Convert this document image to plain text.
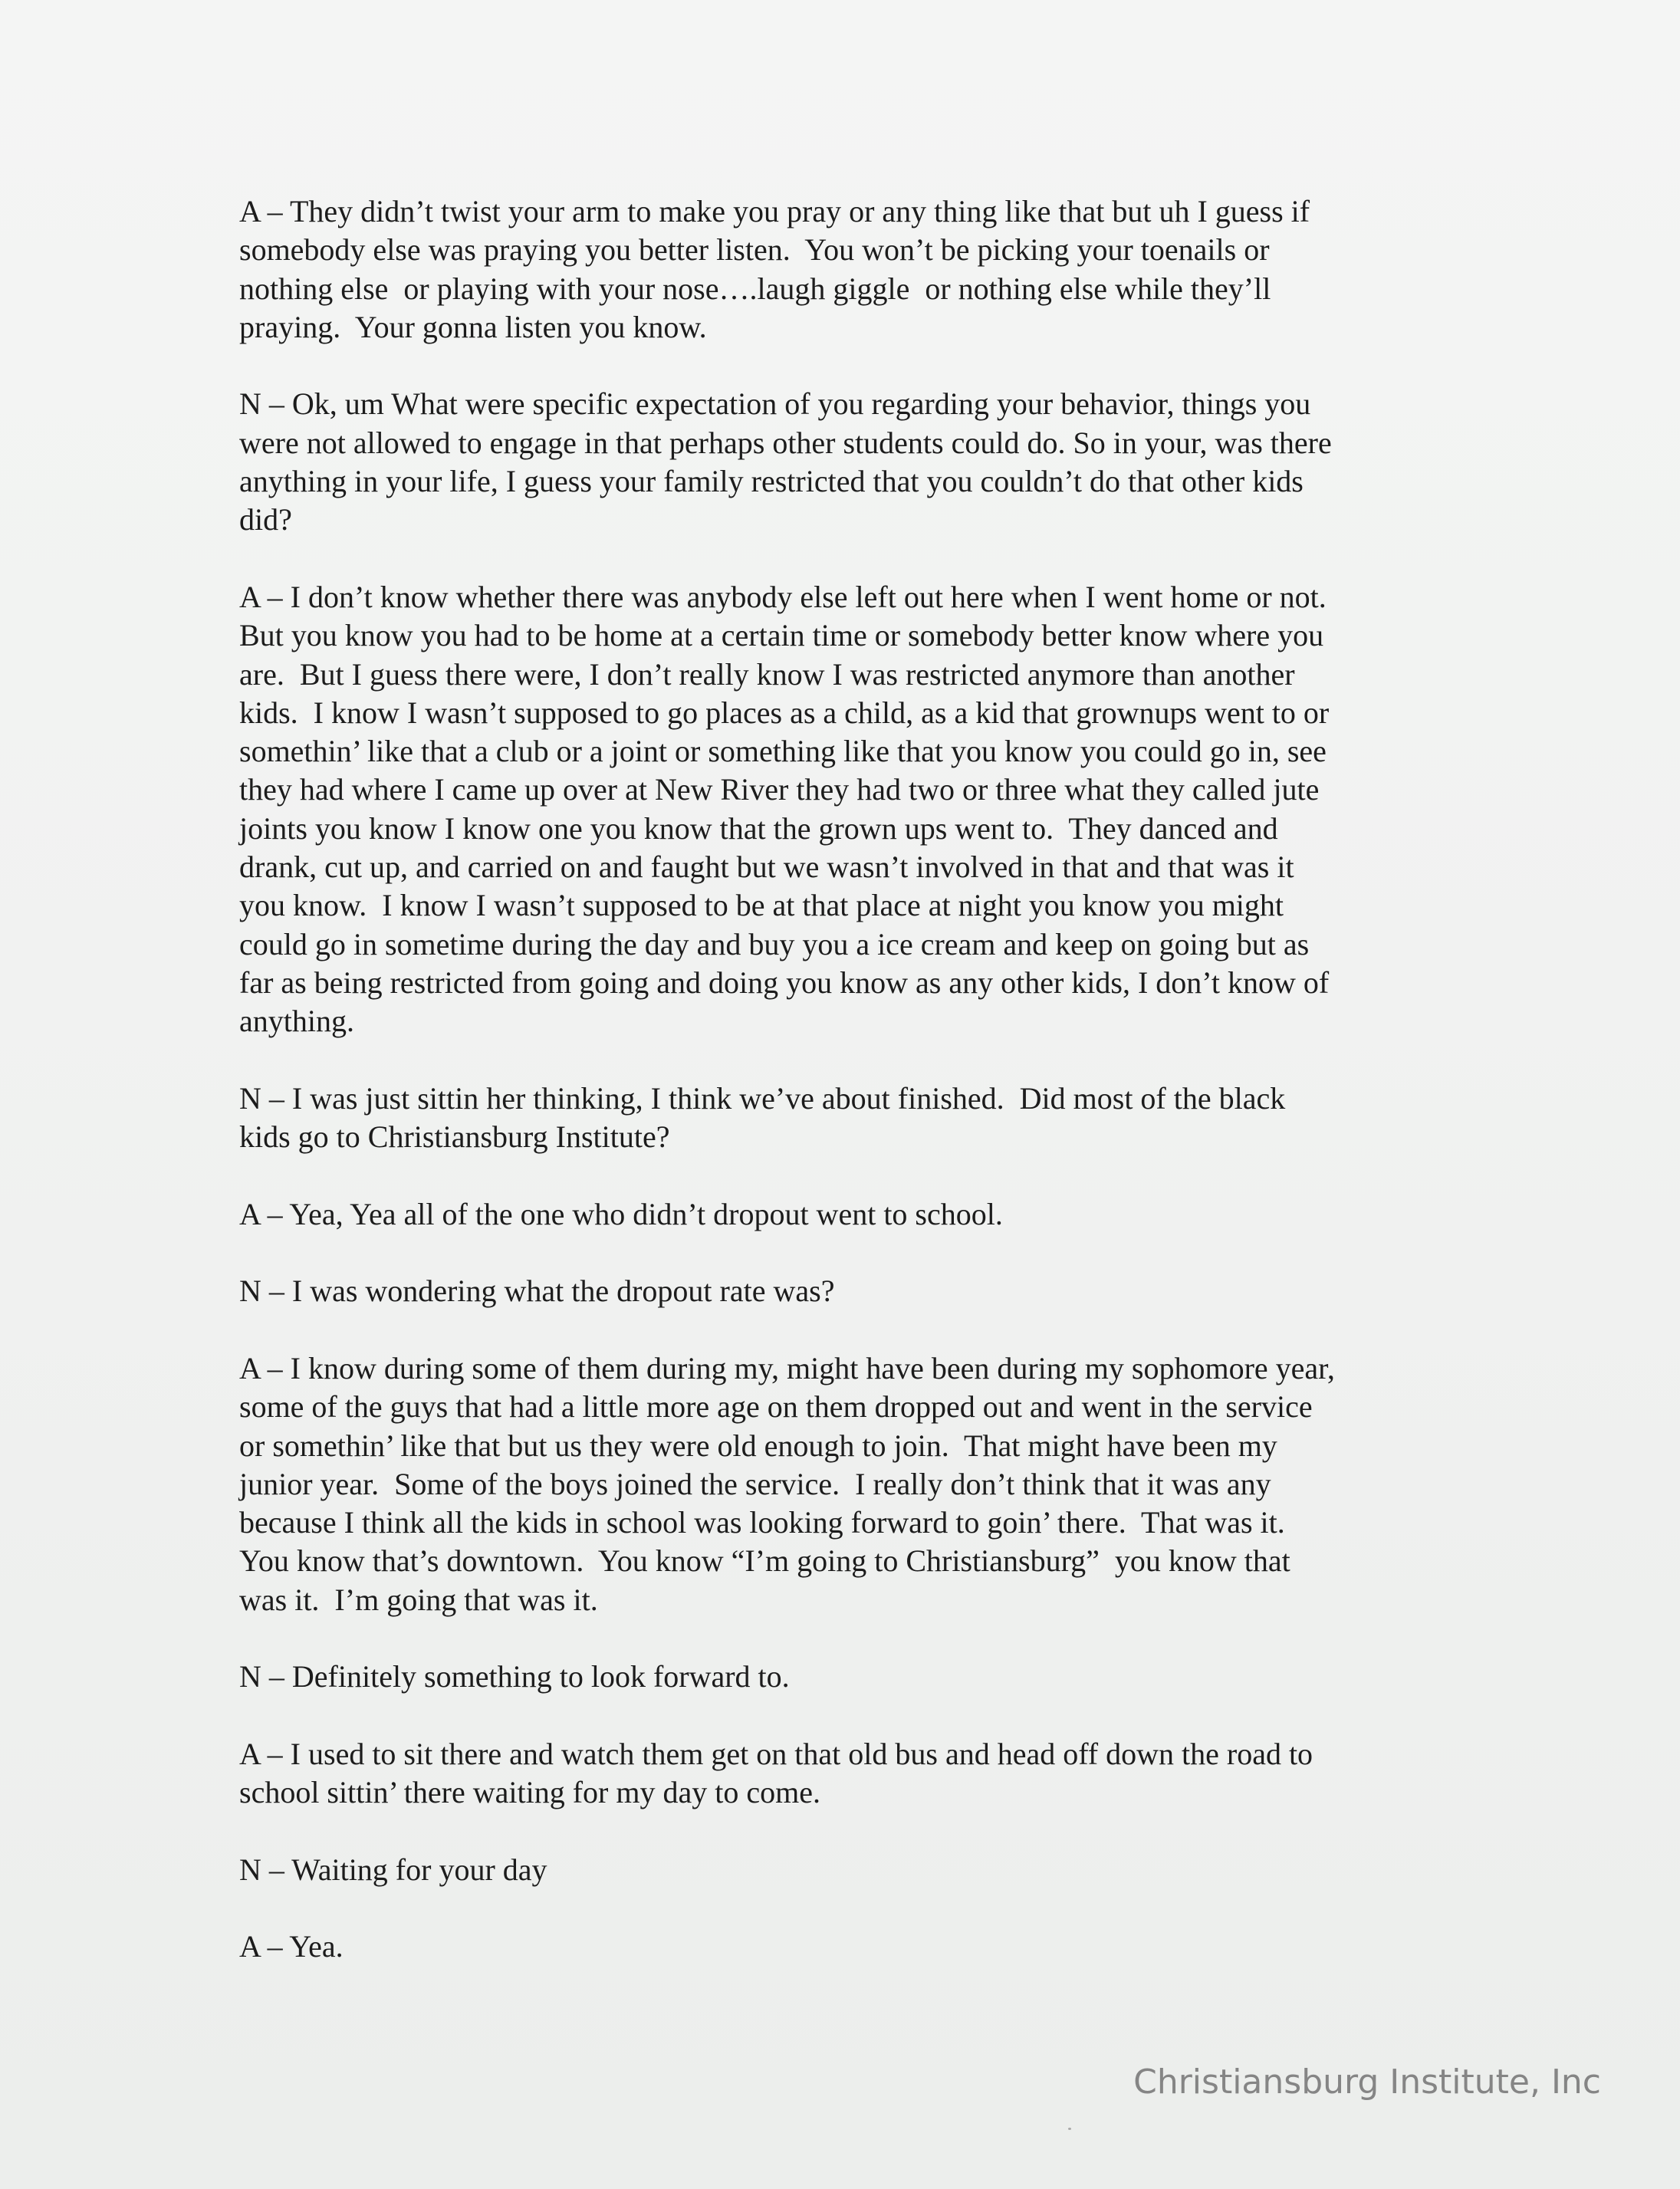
A – They didn’t twist your arm to make you pray or any thing like that but uh I guess if
somebody else was praying you better listen.  You won’t be picking your toenails or
nothing else  or playing with your nose….laugh giggle  or nothing else while they’ll
praying.  Your gonna listen you know.
N – Ok, um What were specific expectation of you regarding your behavior, things you
were not allowed to engage in that perhaps other students could do. So in your, was there
anything in your life, I guess your family restricted that you couldn’t do that other kids
did?
A – I don’t know whether there was anybody else left out here when I went home or not.
But you know you had to be home at a certain time or somebody better know where you
are.  But I guess there were, I don’t really know I was restricted anymore than another
kids.  I know I wasn’t supposed to go places as a child, as a kid that grownups went to or
somethin’ like that a club or a joint or something like that you know you could go in, see
they had where I came up over at New River they had two or three what they called jute
joints you know I know one you know that the grown ups went to.  They danced and
drank, cut up, and carried on and faught but we wasn’t involved in that and that was it
you know.  I know I wasn’t supposed to be at that place at night you know you might
could go in sometime during the day and buy you a ice cream and keep on going but as
far as being restricted from going and doing you know as any other kids, I don’t know of
anything.
N – I was just sittin her thinking, I think we’ve about finished.  Did most of the black
kids go to Christiansburg Institute?
A – Yea, Yea all of the one who didn’t dropout went to school.
N – I was wondering what the dropout rate was?
A – I know during some of them during my, might have been during my sophomore year,
some of the guys that had a little more age on them dropped out and went in the service
or somethin’ like that but us they were old enough to join.  That might have been my
junior year.  Some of the boys joined the service.  I really don’t think that it was any
because I think all the kids in school was looking forward to goin’ there.  That was it.
You know that’s downtown.  You know “I’m going to Christiansburg”  you know that
was it.  I’m going that was it.
N – Definitely something to look forward to.
A – I used to sit there and watch them get on that old bus and head off down the road to
school sittin’ there waiting for my day to come.
N – Waiting for your day
A – Yea.
Christiansburg Institute, Inc
